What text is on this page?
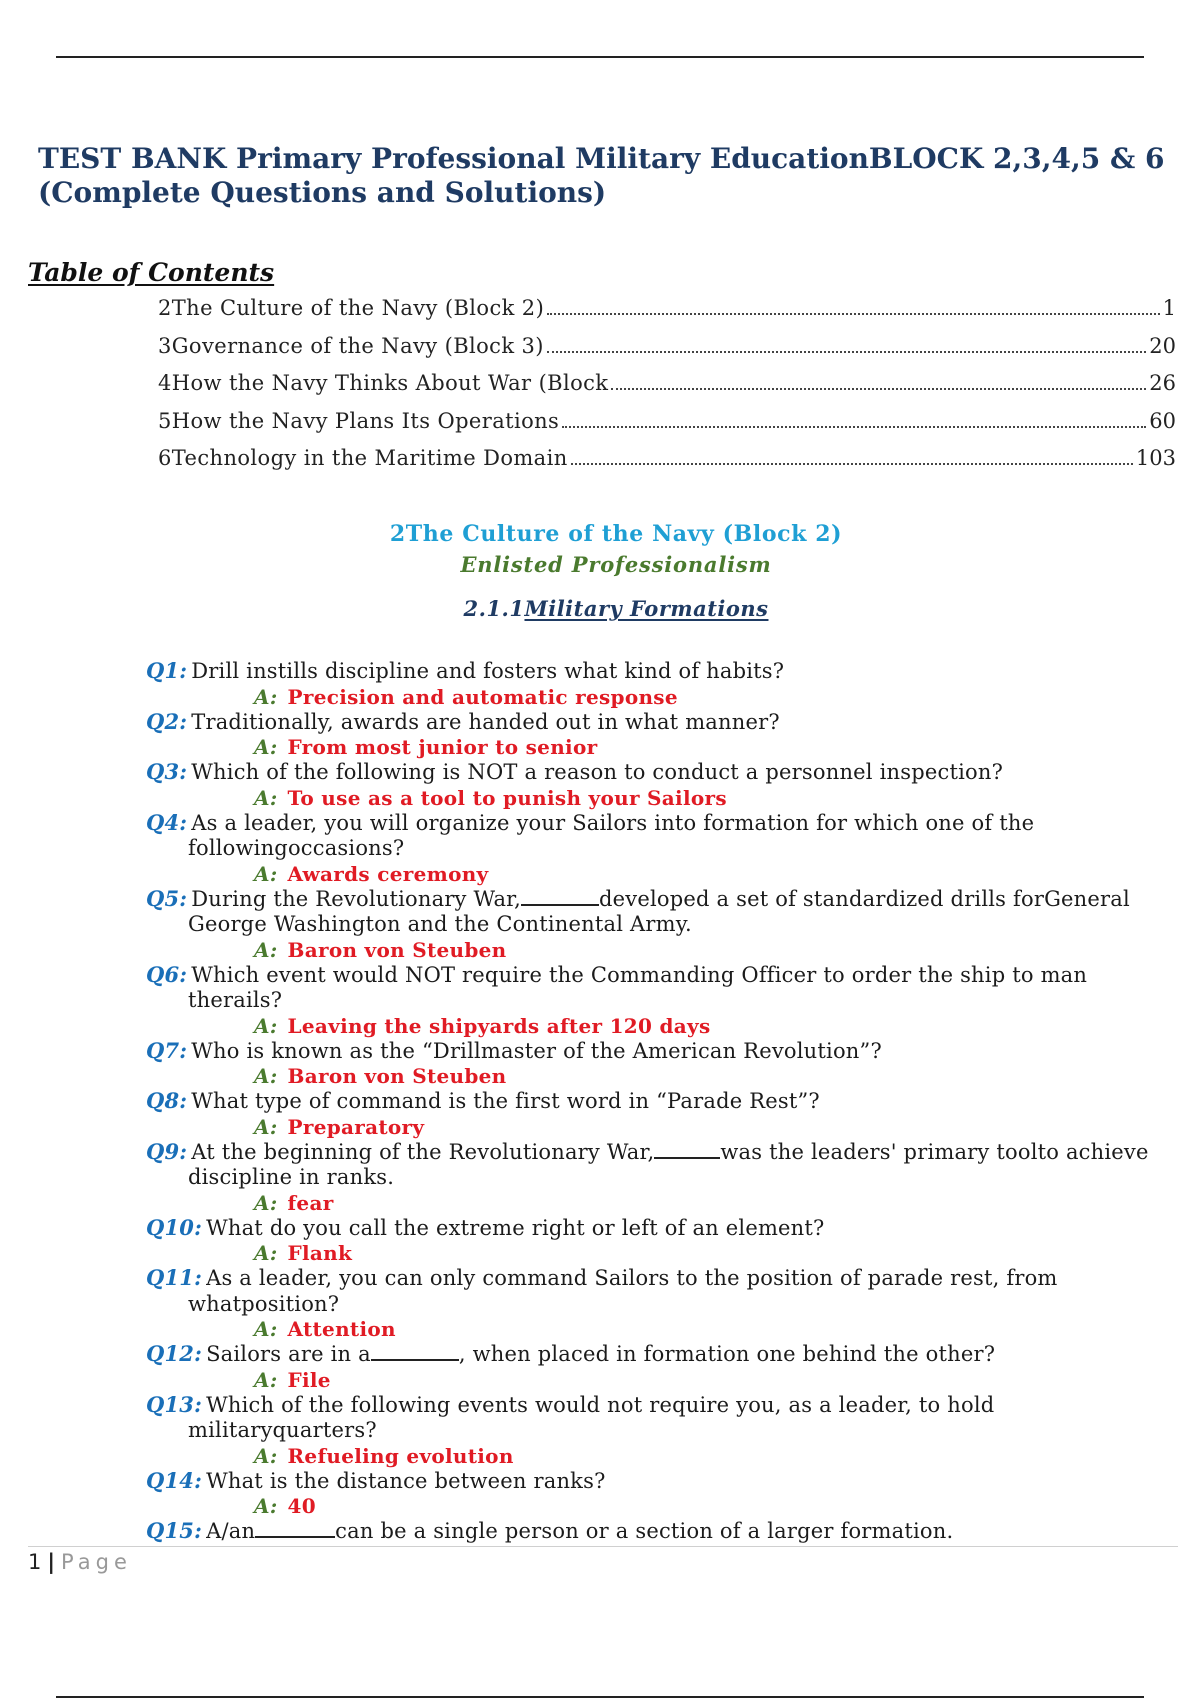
TEST BANK Primary Professional Military EducationBLOCK 2,3,4,5 & 6 (Complete Questions and Solutions)
Table of Contents
2The Culture of the Navy (Block 2)	1
3Governance of the Navy (Block 3)	20
4How the Navy Thinks About War (Block	26
5How the Navy Plans Its Operations	60
6Technology in the Maritime Domain	103
2The Culture of the Navy (Block 2)
Enlisted Professionalism
2.1.1Military Formations
Q1: Drill instills discipline and fosters what kind of habits?
A: Precision and automatic response
Q2: Traditionally, awards are handed out in what manner?
A: From most junior to senior
Q3: Which of the following is NOT a reason to conduct a personnel inspection?
A: To use as a tool to punish your Sailors
Q4: As a leader, you will organize your Sailors into formation for which one of the followingoccasions?
A: Awards ceremony
Q5: During the Revolutionary War,	developed a set of standardized drills forGeneral George Washington and the Continental Army.
A: Baron von Steuben
Q6: Which event would NOT require the Commanding Officer to order the ship to man therails?
A: Leaving the shipyards after 120 days
Q7: Who is known as the “Drillmaster of the American Revolution”?
A: Baron von Steuben
Q8: What type of command is the first word in “Parade Rest”?
A: Preparatory
Q9: At the beginning of the Revolutionary War,	was the leaders' primary toolto achieve discipline in ranks.
A: fear
Q10: What do you call the extreme right or left of an element?
A: Flank
Q11: As a leader, you can only command Sailors to the position of parade rest, from whatposition?
A: Attention
Q12: Sailors are in a	, when placed in formation one behind the other?
A: File
Q13: Which of the following events would not require you, as a leader, to hold militaryquarters?
A: Refueling evolution
Q14: What is the distance between ranks?
A: 40
Q15: A/an	can be a single person or a section of a larger formation.
1 | Page
